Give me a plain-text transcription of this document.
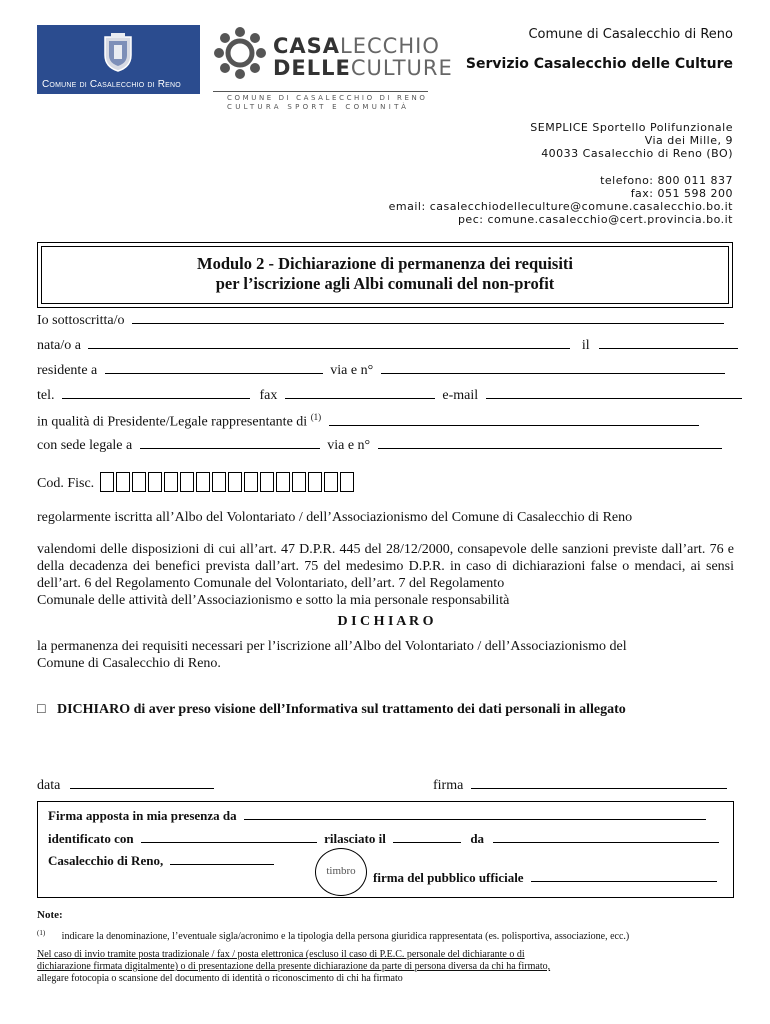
Comune di Casalecchio di Reno
CASALECCHIO
DELLECULTURE
COMUNE DI CASALECCHIO DI RENO
CULTURA SPORT E COMUNITÀ
Comune di Casalecchio di Reno
Servizio Casalecchio delle Culture
SEMPLICE Sportello Polifunzionale
Via dei Mille, 9
40033 Casalecchio di Reno (BO)
telefono: 800 011 837
fax: 051 598 200
email: casalecchiodelleculture@comune.casalecchio.bo.it
pec: comune.casalecchio@cert.provincia.bo.it
Modulo 2 - Dichiarazione di permanenza dei requisiti
per l’iscrizione agli Albi comunali del non-profit
Io sottoscritta/o
nata/o a	il
residente a	via e n°
tel.	fax	e-mail
in qualità di Presidente/Legale rappresentante di $^{(1)}$
con sede legale a	via e n°
Cod. Fisc.
regolarmente iscritta all’Albo del Volontariato / dell’Associazionismo del Comune di Casalecchio di Reno
valendomi delle disposizioni di cui all’art. 47 D.P.R. 445 del 28/12/2000, consapevole delle sanzioni previste dall’art. 76 e della decadenza dei benefici prevista dall’art. 75 del medesimo D.P.R. in caso di dichiarazioni false o mendaci, ai sensi dell’art. 6 del Regolamento Comunale del Volontariato, dell’art. 7 del Regolamento
Comunale delle attività dell’Associazionismo e sotto la mia personale responsabilità
D I C H I A R O
la permanenza dei requisiti necessari per l’iscrizione all’Albo del Volontariato / dell’Associazionismo del
Comune di Casalecchio di Reno.
□ DICHIARO di aver preso visione dell’Informativa sul trattamento dei dati personali in allegato
data	firma
Firma apposta in mia presenza da
identificato con	rilasciato il	da
Casalecchio di Reno,
timbro	firma del pubblico ufficiale
Note:
$^{(1)}$ indicare la denominazione, l’eventuale sigla/acronimo e la tipologia della persona giuridica rappresentata (es. polisportiva, associazione, ecc.)
Nel caso di invio tramite posta tradizionale / fax / posta elettronica (escluso il caso di P.E.C. personale del dichiarante o di
dichiarazione firmata digitalmente) o di presentazione della presente dichiarazione da parte di persona diversa da chi ha firmato,
allegare fotocopia o scansione del documento di identità o riconoscimento di chi ha firmato
